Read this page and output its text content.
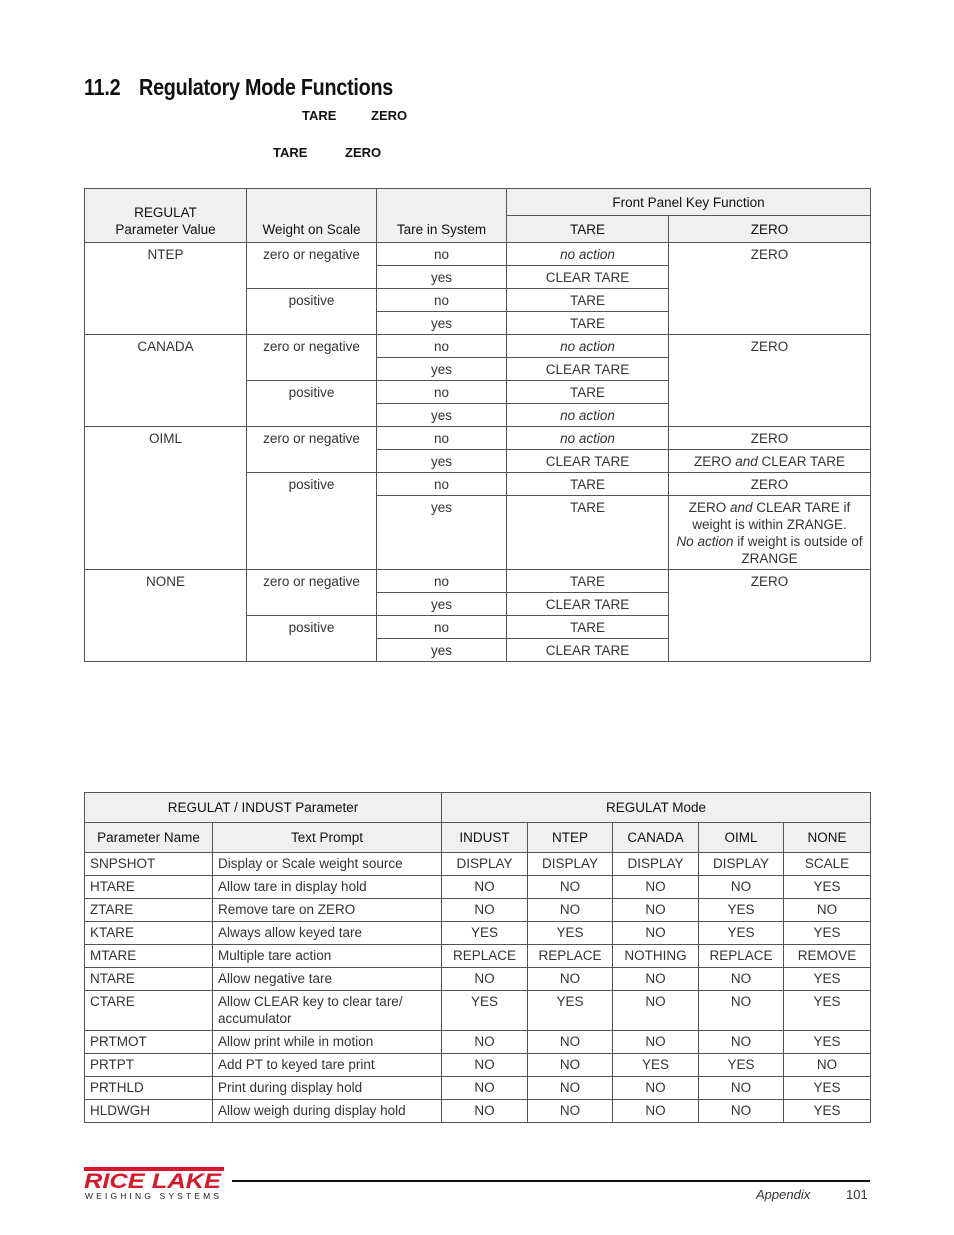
11.2 Regulatory Mode Functions
TARE	ZERO
TARE	ZERO
REGULAT
Parameter Value	Weight on Scale	Tare in System	Front Panel Key Function	
			TARE	ZERO
NTEP	zero or negative	no	no action	ZERO
		yes	CLEAR TARE	
	positive	no	TARE	
		yes	TARE	
CANADA	zero or negative	no	no action	ZERO
		yes	CLEAR TARE	
	positive	no	TARE	
		yes	no action	
OIML	zero or negative	no	no action	ZERO
		yes	CLEAR TARE	ZERO and CLEAR TARE
	positive	no	TARE	ZERO
		yes	TARE	ZERO and CLEAR TARE if weight is within ZRANGE.
No action if weight is outside of ZRANGE
NONE	zero or negative	no	TARE	ZERO
		yes	CLEAR TARE	
	positive	no	TARE	
		yes	CLEAR TARE	
REGULAT / INDUST Parameter		REGULAT Mode				
Parameter Name	Text Prompt	INDUST	NTEP	CANADA	OIML	NONE
SNPSHOT	Display or Scale weight source	DISPLAY	DISPLAY	DISPLAY	DISPLAY	SCALE
HTARE	Allow tare in display hold	NO	NO	NO	NO	YES
ZTARE	Remove tare on ZERO	NO	NO	NO	YES	NO
KTARE	Always allow keyed tare	YES	YES	NO	YES	YES
MTARE	Multiple tare action	REPLACE	REPLACE	NOTHING	REPLACE	REMOVE
NTARE	Allow negative tare	NO	NO	NO	NO	YES
CTARE	Allow CLEAR key to clear tare/ accumulator	YES	YES	NO	NO	YES
PRTMOT	Allow print while in motion	NO	NO	NO	NO	YES
PRTPT	Add PT to keyed tare print	NO	NO	YES	YES	NO
PRTHLD	Print during display hold	NO	NO	NO	NO	YES
HLDWGH	Allow weigh during display hold	NO	NO	NO	NO	YES
RICE LAKE
WEIGHING SYSTEMS	Appendix	101
